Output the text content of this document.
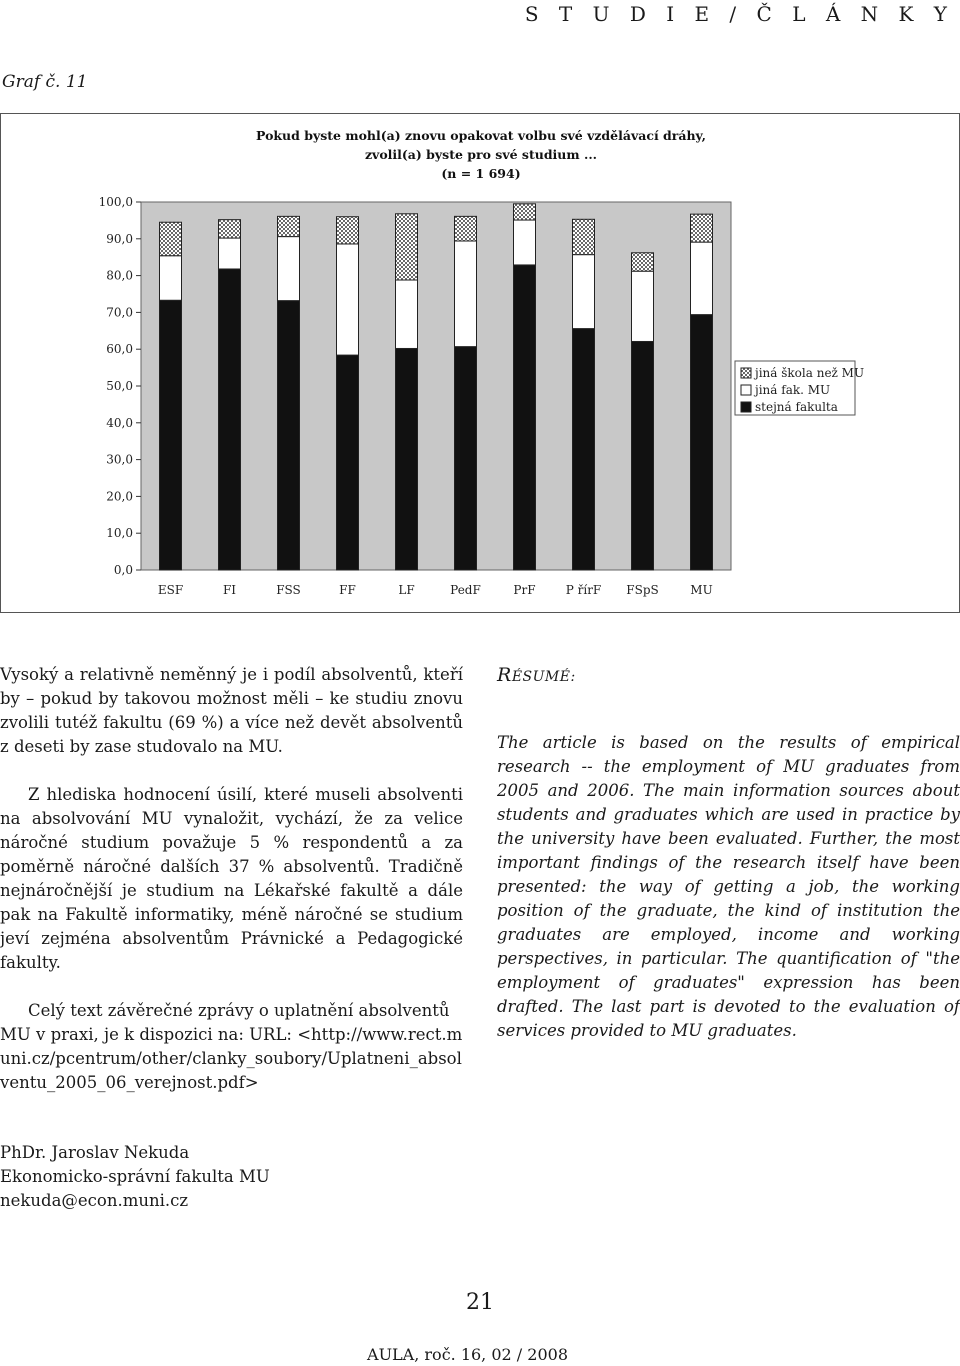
S T U D I E / Č L Á N K Y
Graf č. 11
Pokud byste mohl(a) znovu opakovat volbu své vzdělávací dráhy,
zvolil(a) byste pro své studium ...
(n = 1 694)
100,0
90,0
80,0
70,0
60,0
50,0
40,0
30,0
20,0
10,0
0,0
ESF	FI	FSS	FF	LF	PedF	PrF	P řírF FSpS	MU
jiná škola než MU
jiná fak. MU
stejná fakulta

Vysoký a relativně neměnný je i podíl absolventů, kteří by – pokud by takovou možnost měli – ke studiu znovu zvolili tutéž fakultu (69 %) a více než devět absolventů z deseti by zase studovalo na MU.

Z hlediska hodnocení úsilí, které museli absolventi na absolvování MU vynaložit, vychází, že za velice náročné studium považuje 5 % respondentů a za poměrně náročné dalších 37 % absolventů. Tradičně nejnáročnější je studium na Lékařské fakultě a dále pak na Fakultě informatiky, méně náročné se studium jeví zejména absolventům Právnické a Pedagogické fakulty.

Celý text závěrečné zprávy o uplatnění absolventů MU v praxi, je k dispozici na: URL: <http://www.rect.muni.cz/pcentrum/other/clanky_soubory/Uplatneni_absolventu_2005_06_verejnost.pdf>

RÉSUMÉ:

The article is based on the results of empirical research -- the employment of MU graduates from 2005 and 2006. The main information sources about students and graduates which are used in practice by the university have been evaluated. Further, the most important findings of the research itself have been presented: the way of getting a job, the working position of the graduate, the kind of institution the graduates are employed, income and working perspectives, in particular. The quantification of "the employment of graduates" expression has been drafted. The last part is devoted to the evaluation of services provided to MU graduates.

PhDr. Jaroslav Nekuda
Ekonomicko-správní fakulta MU
nekuda@econ.muni.cz
21
AULA, roč. 16, 02 / 2008
